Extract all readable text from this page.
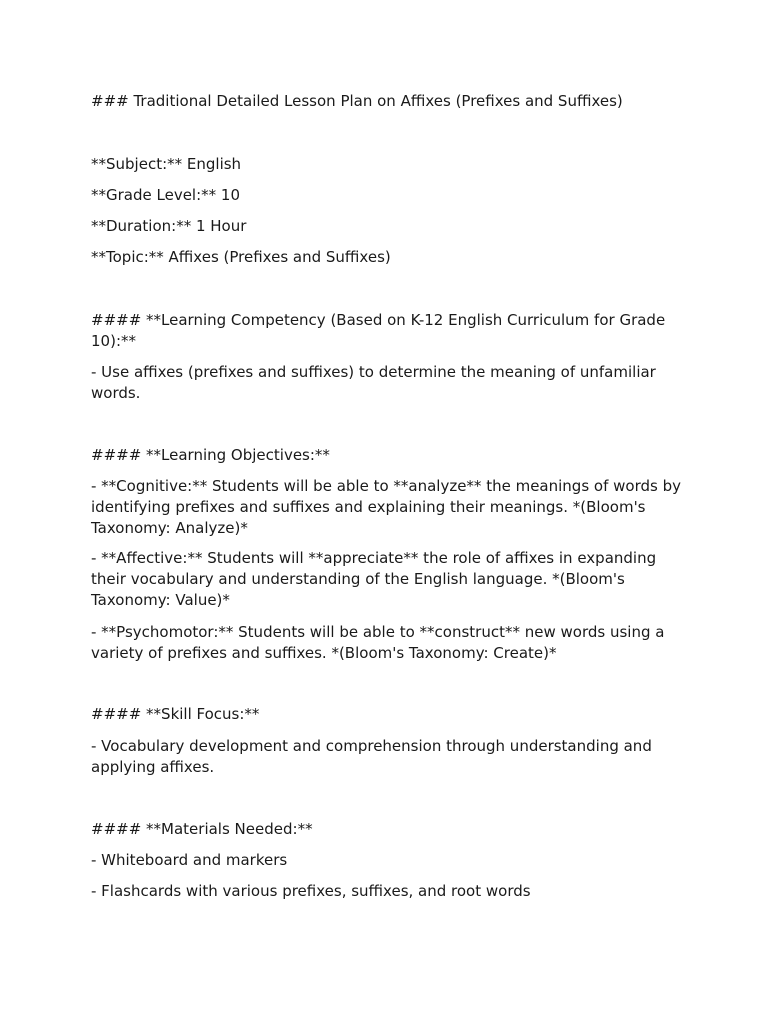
### Traditional Detailed Lesson Plan on Affixes (Prefixes and Suffixes)

**Subject:** English

**Grade Level:** 10

**Duration:** 1 Hour

**Topic:** Affixes (Prefixes and Suffixes)

#### **Learning Competency (Based on K-12 English Curriculum for Grade 10):**

- Use affixes (prefixes and suffixes) to determine the meaning of unfamiliar words.

#### **Learning Objectives:**

- **Cognitive:** Students will be able to **analyze** the meanings of words by identifying prefixes and suffixes and explaining their meanings. *(Bloom's Taxonomy: Analyze)*

- **Affective:** Students will **appreciate** the role of affixes in expanding their vocabulary and understanding of the English language. *(Bloom's Taxonomy: Value)*

- **Psychomotor:** Students will be able to **construct** new words using a variety of prefixes and suffixes. *(Bloom's Taxonomy: Create)*

#### **Skill Focus:**

- Vocabulary development and comprehension through understanding and applying affixes.

#### **Materials Needed:**

- Whiteboard and markers

- Flashcards with various prefixes, suffixes, and root words
